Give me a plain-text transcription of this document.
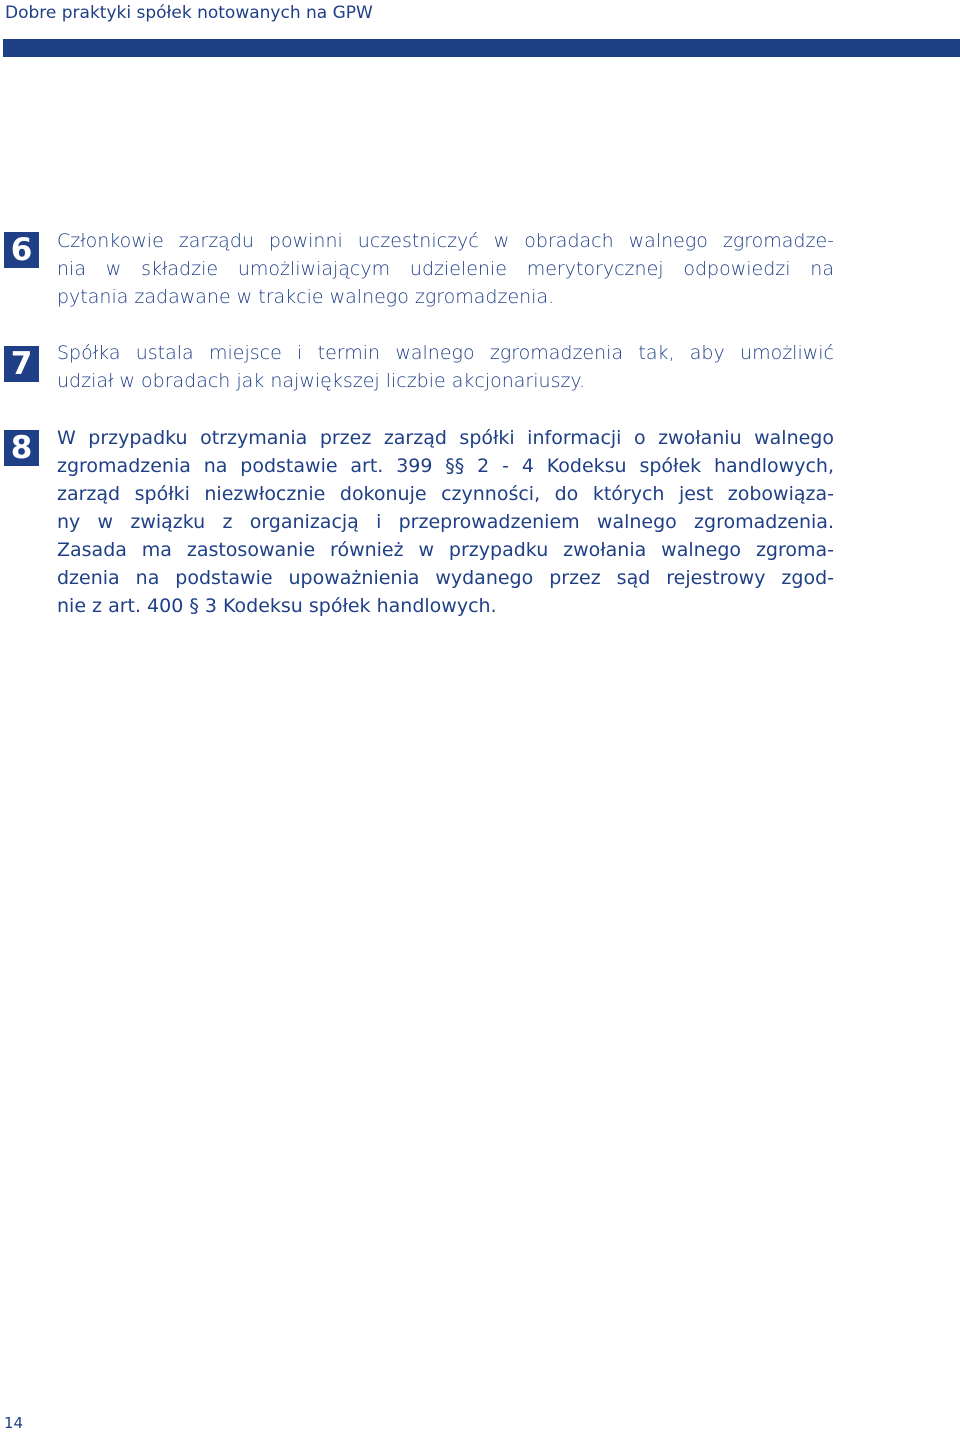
Dobre praktyki spółek notowanych na GPW
6	Członkowie zarządu powinni uczestniczyć w obradach walnego zgromadze-
nia w składzie umożliwiającym udzielenie merytorycznej odpowiedzi na
pytania zadawane w trakcie walnego zgromadzenia.

7	Spółka ustala miejsce i termin walnego zgromadzenia tak, aby umożliwić
udział w obradach jak największej liczbie akcjonariuszy.

8	W przypadku otrzymania przez zarząd spółki informacji o zwołaniu walnego
zgromadzenia na podstawie art. 399 §§ 2 - 4 Kodeksu spółek handlowych,
zarząd spółki niezwłocznie dokonuje czynności, do których jest zobowiąza-
ny w związku z organizacją i przeprowadzeniem walnego zgromadzenia.
Zasada ma zastosowanie również w przypadku zwołania walnego zgroma-
dzenia na podstawie upoważnienia wydanego przez sąd rejestrowy zgod-
nie z art. 400 § 3 Kodeksu spółek handlowych.

14
